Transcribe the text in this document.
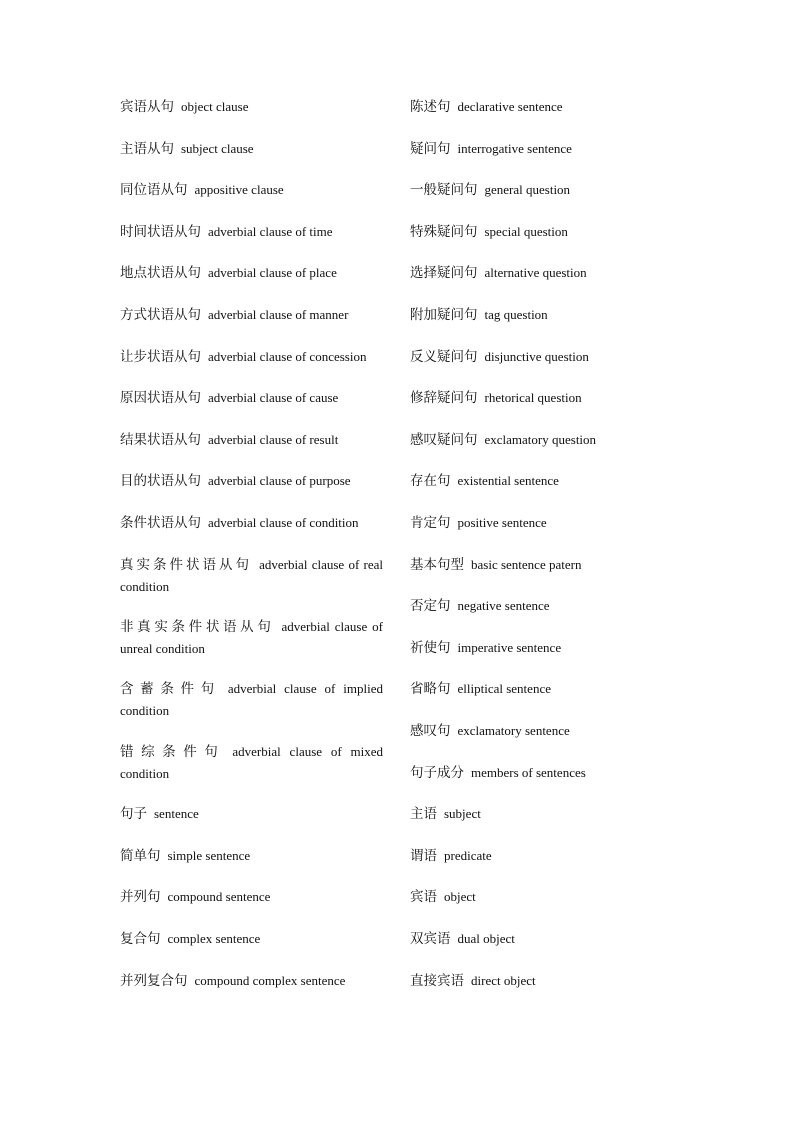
宾语从句 object clause
主语从句 subject clause
同位语从句 appositive clause
时间状语从句 adverbial clause of time
地点状语从句 adverbial clause of place
方式状语从句 adverbial clause of manner
让步状语从句 adverbial clause of concession
原因状语从句 adverbial clause of cause
结果状语从句 adverbial clause of result
目的状语从句 adverbial clause of purpose
条件状语从句 adverbial clause of condition
真实条件状语从句 adverbial clause of real condition
非真实条件状语从句 adverbial clause of unreal condition
含蓄条件句 adverbial clause of implied condition
错综条件句 adverbial clause of mixed condition
句子 sentence
简单句 simple sentence
并列句 compound sentence
复合句 complex sentence
并列复合句 compound complex sentence
陈述句 declarative sentence
疑问句 interrogative sentence
一般疑问句 general question
特殊疑问句 special question
选择疑问句 alternative question
附加疑问句 tag question
反义疑问句 disjunctive question
修辞疑问句 rhetorical question
感叹疑问句 exclamatory question
存在句 existential sentence
肯定句 positive sentence
基本句型 basic sentence patern
否定句 negative sentence
祈使句 imperative sentence
省略句 elliptical sentence
感叹句 exclamatory sentence
句子成分 members of sentences
主语 subject
谓语 predicate
宾语 object
双宾语 dual object
直接宾语 direct object
